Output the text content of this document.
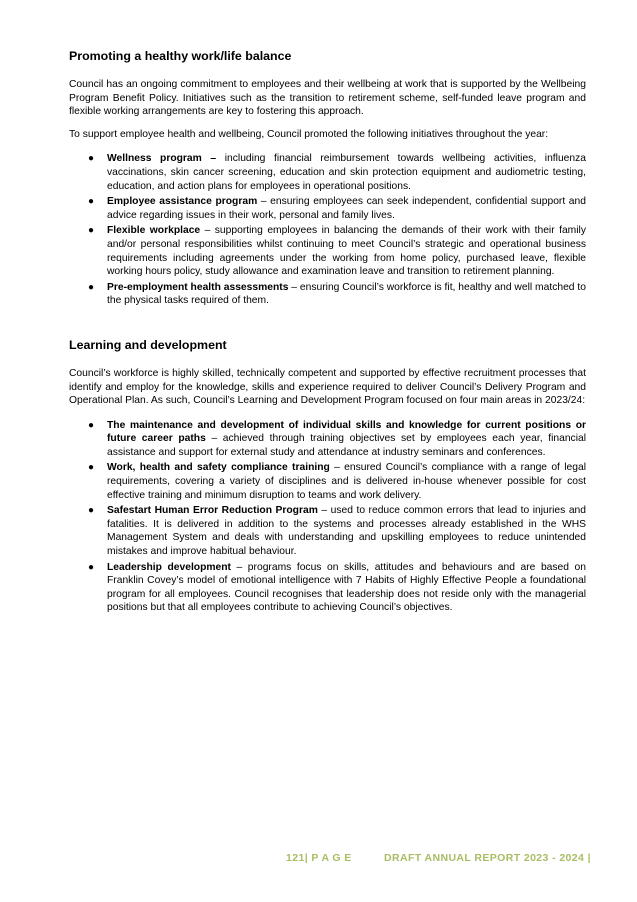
Promoting a healthy work/life balance

Council has an ongoing commitment to employees and their wellbeing at work that is supported by the Wellbeing Program Benefit Policy. Initiatives such as the transition to retirement scheme, self-funded leave program and flexible working arrangements are key to fostering this approach.

To support employee health and wellbeing, Council promoted the following initiatives throughout the year:

● Wellness program – including financial reimbursement towards wellbeing activities, influenza vaccinations, skin cancer screening, education and skin protection equipment and audiometric testing, education, and action plans for employees in operational positions.
● Employee assistance program – ensuring employees can seek independent, confidential support and advice regarding issues in their work, personal and family lives.
● Flexible workplace – supporting employees in balancing the demands of their work with their family and/or personal responsibilities whilst continuing to meet Council’s strategic and operational business requirements including agreements under the working from home policy, purchased leave, flexible working hours policy, study allowance and examination leave and transition to retirement planning.
● Pre-employment health assessments – ensuring Council’s workforce is fit, healthy and well matched to the physical tasks required of them.
Learning and development

Council’s workforce is highly skilled, technically competent and supported by effective recruitment processes that identify and employ for the knowledge, skills and experience required to deliver Council’s Delivery Program and Operational Plan. As such, Council’s Learning and Development Program focused on four main areas in 2023/24:

● The maintenance and development of individual skills and knowledge for current positions or future career paths – achieved through training objectives set by employees each year, financial assistance and support for external study and attendance at industry seminars and conferences.
● Work, health and safety compliance training – ensured Council’s compliance with a range of legal requirements, covering a variety of disciplines and is delivered in-house whenever possible for cost effective training and minimum disruption to teams and work delivery.
● Safestart Human Error Reduction Program – used to reduce common errors that lead to injuries and fatalities. It is delivered in addition to the systems and processes already established in the WHS Management System and deals with understanding and upskilling employees to reduce unintended mistakes and improve habitual behaviour.
● Leadership development – programs focus on skills, attitudes and behaviours and are based on Franklin Covey’s model of emotional intelligence with 7 Habits of Highly Effective People a foundational program for all employees. Council recognises that leadership does not reside only with the managerial positions but that all employees contribute to achieving Council’s objectives.
121| P A G E	DRAFT ANNUAL REPORT 2023 - 2024 |
